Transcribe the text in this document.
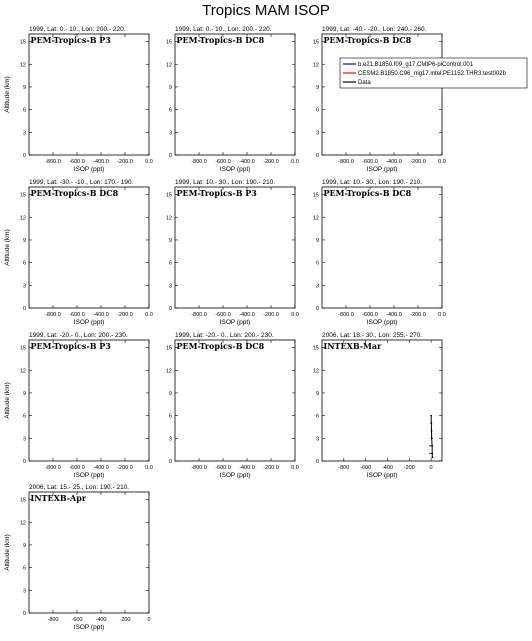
Tropics MAM ISOP
1999, Lat: 0.- 10., Lon: 200.- 220.
PEM-Tropics-B P3
0
3
6
9
12
15
-800.0 -600.0 -400.0 -200.0 0.0
ISOP (ppt)
Altitude (km)
1999, Lat: 0.- 10., Lon: 200.- 220.
PEM-Tropics-B DC8
0
3
6
9
12
15
-800.0 -600.0 -400.0 -200.0 0.0
ISOP (ppt)
1999, Lat: -40.- -20., Lon: 240.- 260.
PEM-Tropics-B DC8
0
3
6
9
12
15
-800.0 -600.0 -400.0 -200.0 0.0
ISOP (ppt)
1999, Lat: -30.- -10., Lon: 170.- 190.
PEM-Tropics-B DC8
0
3
6
9
12
15
-800.0 -600.0 -400.0 -200.0 0.0
ISOP (ppt)
Altitude (km)
1999, Lat: 10.- 30., Lon: 190.- 210.
PEM-Tropics-B P3
0
3
6
9
12
15
-800.0 -600.0 -400.0 -200.0 0.0
ISOP (ppt)
1999, Lat: 10.- 30., Lon: 190.- 210.
PEM-Tropics-B DC8
0
3
6
9
12
15
-800.0 -600.0 -400.0 -200.0 0.0
ISOP (ppt)
1999, Lat: -20.- 0., Lon: 200.- 230.
PEM-Tropics-B P3
0
3
6
9
12
15
-800.0 -600.0 -400.0 -200.0 0.0
ISOP (ppt)
Altitude (km)
1999, Lat: -20.- 0., Lon: 200.- 230.
PEM-Tropics-B DC8
0
3
6
9
12
15
-800.0 -600.0 -400.0 -200.0 0.0
ISOP (ppt)
2006, Lat: 18.- 30., Lon: 255.- 270.
INTEXB-Mar
0
3
6
9
12
15
-800 -600 -400 -200	0
ISOP (ppt)
2006, Lat: 15.- 25., Lon: 190.- 210.
INTEXB-Apr
0
3
6
9
12
15
-800 -600 -400 -200	0
ISOP (ppt)
Altitude (km)
b.e21.B1850.f09_g17.CMIP6-piControl.001
CESM2.B1850.C96_mg17.intel.PE1152.THR3.test002b
Data
